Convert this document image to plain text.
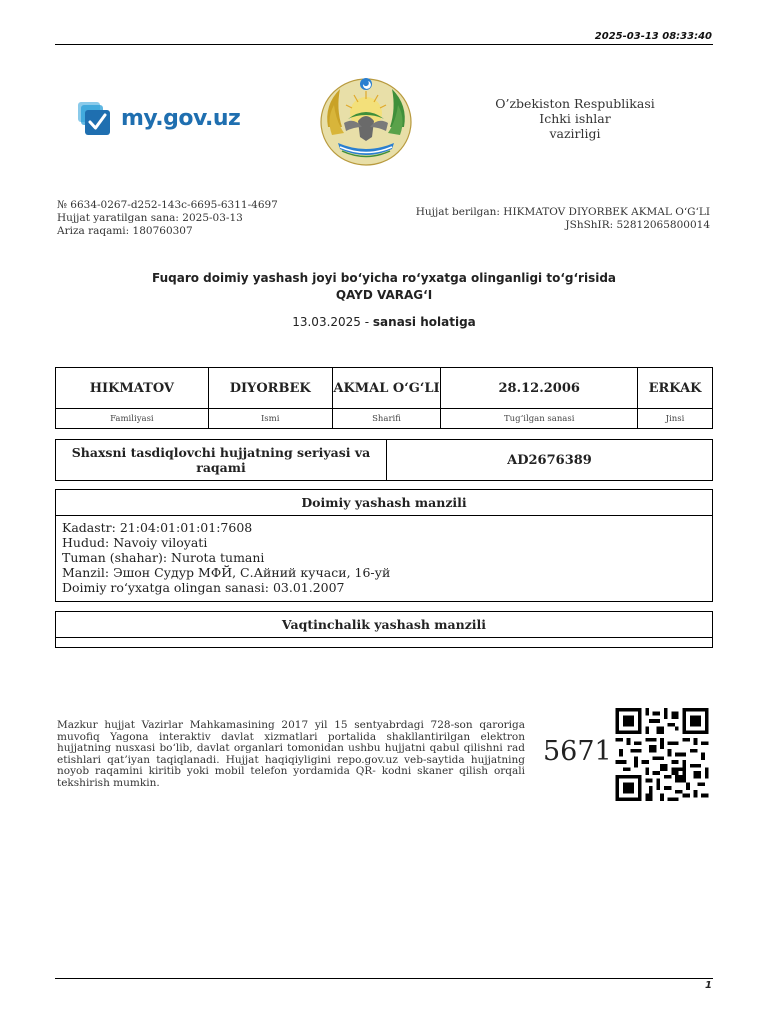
2025-03-13 08:33:40
my.gov.uz
O’zbekiston Respublikasi
Ichki ishlar
vazirligi
№ 6634-0267-d252-143c-6695-6311-4697
Hujjat yaratilgan sana: 2025-03-13
Ariza raqami: 180760307
Hujjat berilgan: HIKMATOV DIYORBEK AKMAL O‘G‘LI
JShShIR: 52812065800014
Fuqaro doimiy yashash joyi bo‘yicha ro‘yxatga olinganligi to‘g‘risida
QAYD VARAG‘I
13.03.2025 - sanasi holatiga
HIKMATOV	DIYORBEK	AKMAL O‘G‘LI	28.12.2006	ERKAK
Familiyasi	Ismi	Sharifi	Tug‘ilgan sanasi	Jinsi
Shaxsni tasdiqlovchi hujjatning seriyasi va raqami	AD2676389
Doimiy yashash manzili
Kadastr: 21:04:01:01:01:7608
Hudud: Navoiy viloyati
Tuman (shahar): Nurota tumani
Manzil: Эшон Судур МФЙ, С.Айний кучаси, 16-уй
Doimiy ro‘yxatga olingan sanasi: 03.01.2007
Vaqtinchalik yashash manzili
Mazkur hujjat Vazirlar Mahkamasining 2017 yil 15 sentyabrdagi 728-son qaroriga muvofiq Yagona interaktiv davlat xizmatlari portalida shakllantirilgan elektron hujjatning nusxasi bo‘lib, davlat organlari tomonidan ushbu hujjatni qabul qilishni rad etishlari qat’iyan taqiqlanadi. Hujjat haqiqiyligini repo.gov.uz veb-saytida hujjatning noyob raqamini kiritib yoki mobil telefon yordamida QR- kodni skaner qilish orqali tekshirish mumkin.
5671
1
